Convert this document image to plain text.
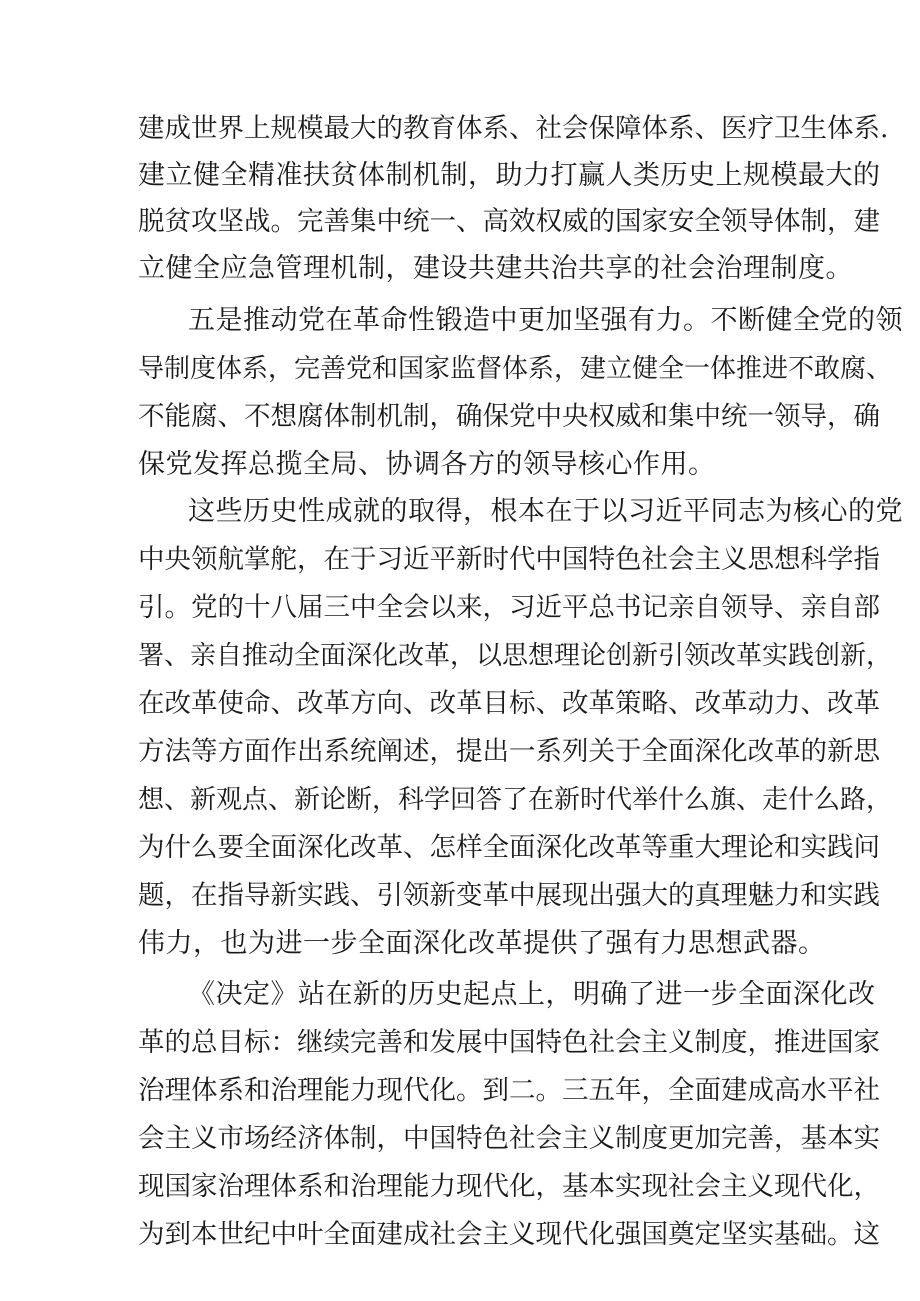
建成世界上规模最大的教育体系、社会保障体系、医疗卫生体系.
建立健全精准扶贫体制机制，助力打赢人类历史上规模最大的
脱贫攻坚战。完善集中统一、高效权威的国家安全领导体制，建
立健全应急管理机制，建设共建共治共享的社会治理制度。
五是推动党在革命性锻造中更加坚强有力。不断健全党的领
导制度体系，完善党和国家监督体系，建立健全一体推进不敢腐、
不能腐、不想腐体制机制，确保党中央权威和集中统一领导，确
保党发挥总揽全局、协调各方的领导核心作用。
这些历史性成就的取得，根本在于以习近平同志为核心的党
中央领航掌舵，在于习近平新时代中国特色社会主义思想科学指
引。党的十八届三中全会以来，习近平总书记亲自领导、亲自部
署、亲自推动全面深化改革，以思想理论创新引领改革实践创新，
在改革使命、改革方向、改革目标、改革策略、改革动力、改革
方法等方面作出系统阐述，提出一系列关于全面深化改革的新思
想、新观点、新论断，科学回答了在新时代举什么旗、走什么路，
为什么要全面深化改革、怎样全面深化改革等重大理论和实践问
题，在指导新实践、引领新变革中展现出强大的真理魅力和实践
伟力，也为进一步全面深化改革提供了强有力思想武器。
《决定》站在新的历史起点上，明确了进一步全面深化改
革的总目标：继续完善和发展中国特色社会主义制度，推进国家
治理体系和治理能力现代化。到二。三五年，全面建成高水平社
会主义市场经济体制，中国特色社会主义制度更加完善，基本实
现国家治理体系和治理能力现代化，基本实现社会主义现代化，
为到本世纪中叶全面建成社会主义现代化强国奠定坚实基础。这
